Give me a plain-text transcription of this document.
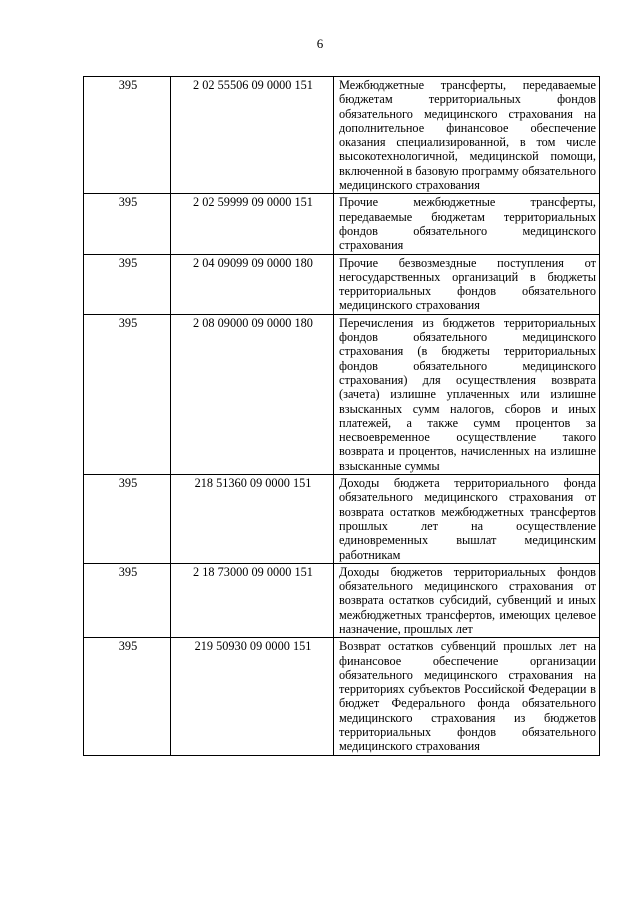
6
395	2 02 55506 09 0000 151	Межбюджетные трансферты, передаваемые бюджетам территориальных фондов обязательного медицинского страхования на дополнительное финансовое обеспечение оказания специализированной, в том числе высокотехнологичной, медицинской помощи, включенной в базовую программу обязательного медицинского страхования
395	2 02 59999 09 0000 151	Прочие межбюджетные трансферты, передаваемые бюджетам территориальных фондов обязательного медицинского страхования
395	2 04 09099 09 0000 180	Прочие безвозмездные поступления от негосударственных организаций в бюджеты территориальных фондов обязательного медицинского страхования
395	2 08 09000 09 0000 180	Перечисления из бюджетов территориальных фондов обязательного медицинского страхования (в бюджеты территориальных фондов обязательного медицинского страхования) для осуществления возврата (зачета) излишне уплаченных или излишне взысканных сумм налогов, сборов и иных платежей, а также сумм процентов за несвоевременное осуществление такого возврата и процентов, начисленных на излишне взысканные суммы
395	218 51360 09 0000 151	Доходы бюджета территориального фонда обязательного медицинского страхования от возврата остатков межбюджетных трансфертов прошлых лет на осуществление единовременных вышлат медицинским работникам
395	2 18 73000 09 0000 151	Доходы бюджетов территориальных фондов обязательного медицинского страхования от возврата остатков субсидий, субвенций и иных межбюджетных трансфертов, имеющих целевое назначение, прошлых лет
395	219 50930 09 0000 151	Возврат остатков субвенций прошлых лет на финансовое обеспечение организации обязательного медицинского страхования на территориях субъектов Российской Федерации в бюджет Федерального фонда обязательного медицинского страхования из бюджетов территориальных фондов обязательного медицинского страхования
